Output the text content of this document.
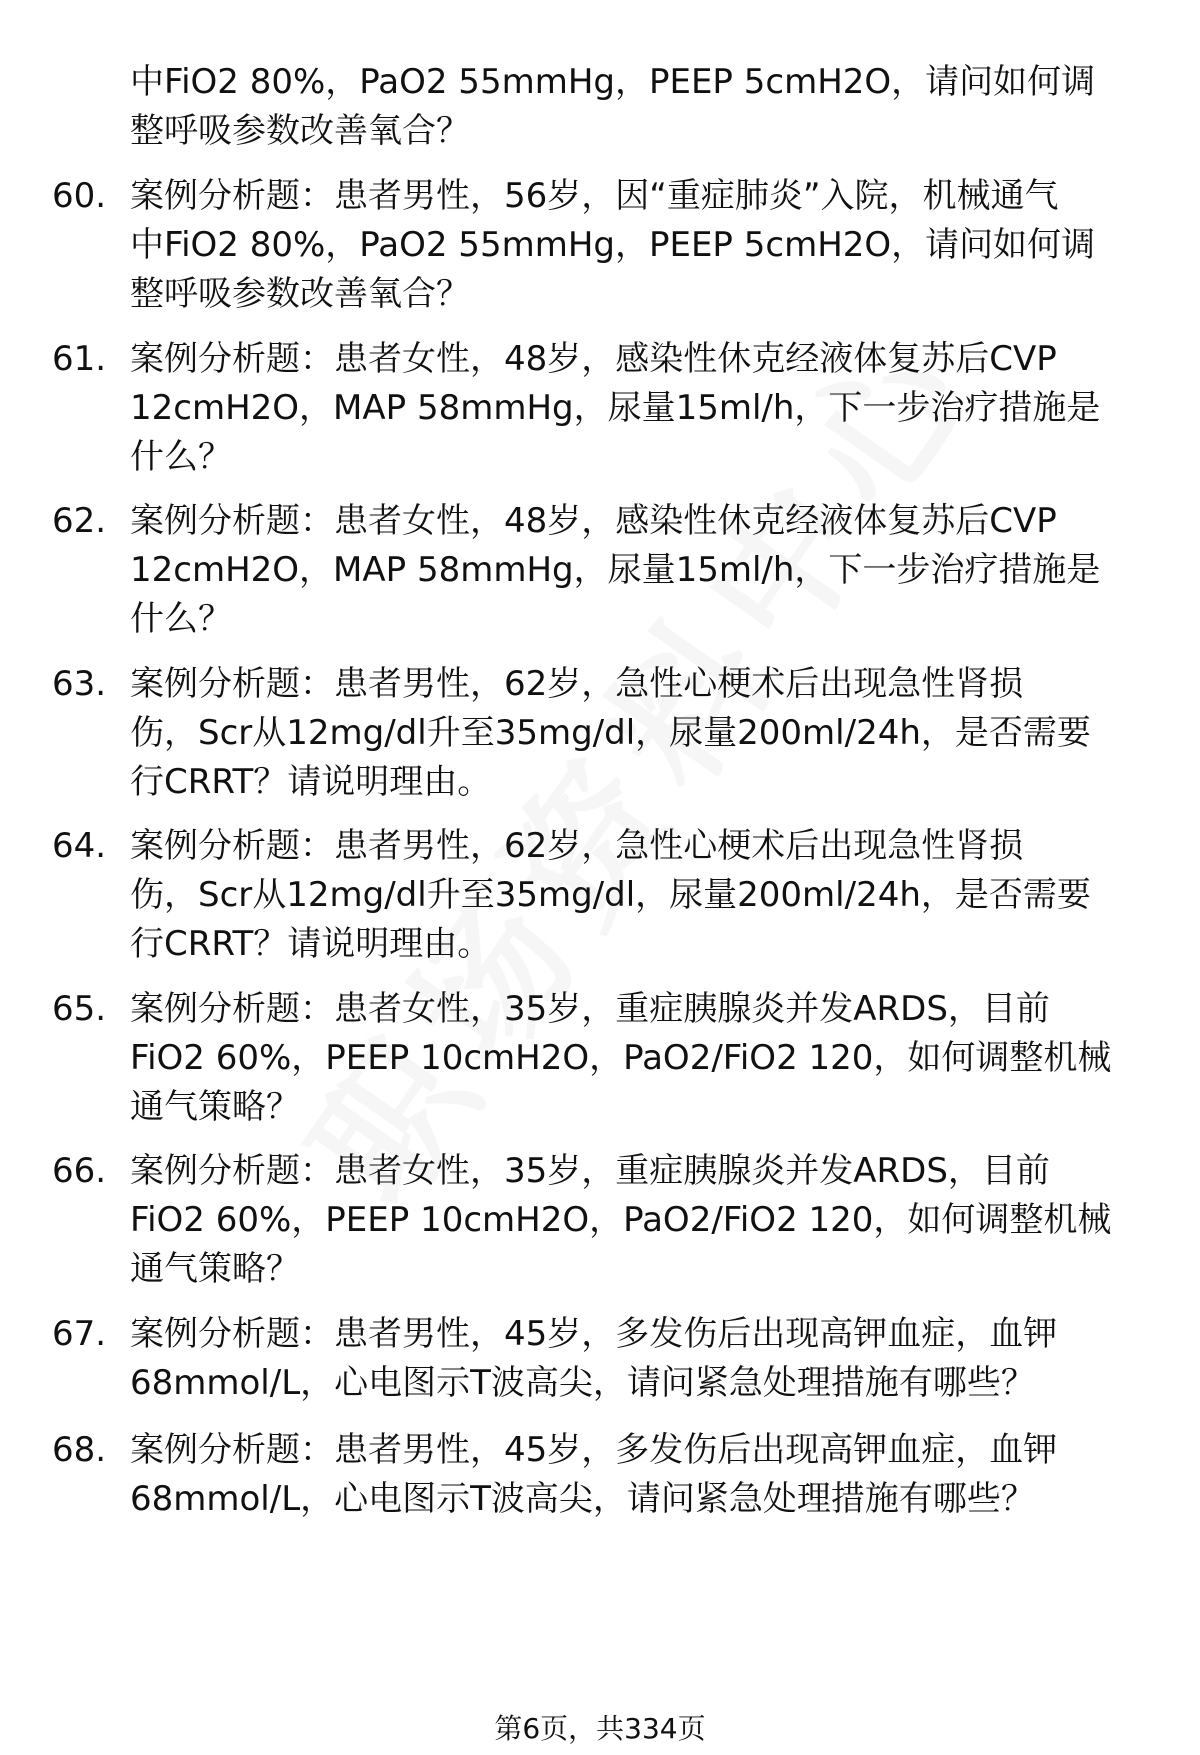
中FiO2 80%，PaO2 55mmHg，PEEP 5cmH2O，请问如何调
整呼吸参数改善氧合？
60. 案例分析题：患者男性，56岁，因“重症肺炎”入院，机械通气
中FiO2 80%，PaO2 55mmHg，PEEP 5cmH2O，请问如何调
整呼吸参数改善氧合？
61. 案例分析题：患者女性，48岁，感染性休克经液体复苏后CVP
12cmH2O，MAP 58mmHg，尿量15ml/h，下一步治疗措施是
什么？
62. 案例分析题：患者女性，48岁，感染性休克经液体复苏后CVP
12cmH2O，MAP 58mmHg，尿量15ml/h，下一步治疗措施是
什么？
63. 案例分析题：患者男性，62岁，急性心梗术后出现急性肾损
伤，Scr从12mg/dl升至35mg/dl，尿量200ml/24h，是否需要
行CRRT？请说明理由。
64. 案例分析题：患者男性，62岁，急性心梗术后出现急性肾损
伤，Scr从12mg/dl升至35mg/dl，尿量200ml/24h，是否需要
行CRRT？请说明理由。
65. 案例分析题：患者女性，35岁，重症胰腺炎并发ARDS，目前
FiO2 60%，PEEP 10cmH2O，PaO2/FiO2 120，如何调整机械
通气策略？
66. 案例分析题：患者女性，35岁，重症胰腺炎并发ARDS，目前
FiO2 60%，PEEP 10cmH2O，PaO2/FiO2 120，如何调整机械
通气策略？
67. 案例分析题：患者男性，45岁，多发伤后出现高钾血症，血钾
68mmol/L，心电图示T波高尖，请问紧急处理措施有哪些？
68. 案例分析题：患者男性，45岁，多发伤后出现高钾血症，血钾
68mmol/L，心电图示T波高尖，请问紧急处理措施有哪些？
第6页，共334页
